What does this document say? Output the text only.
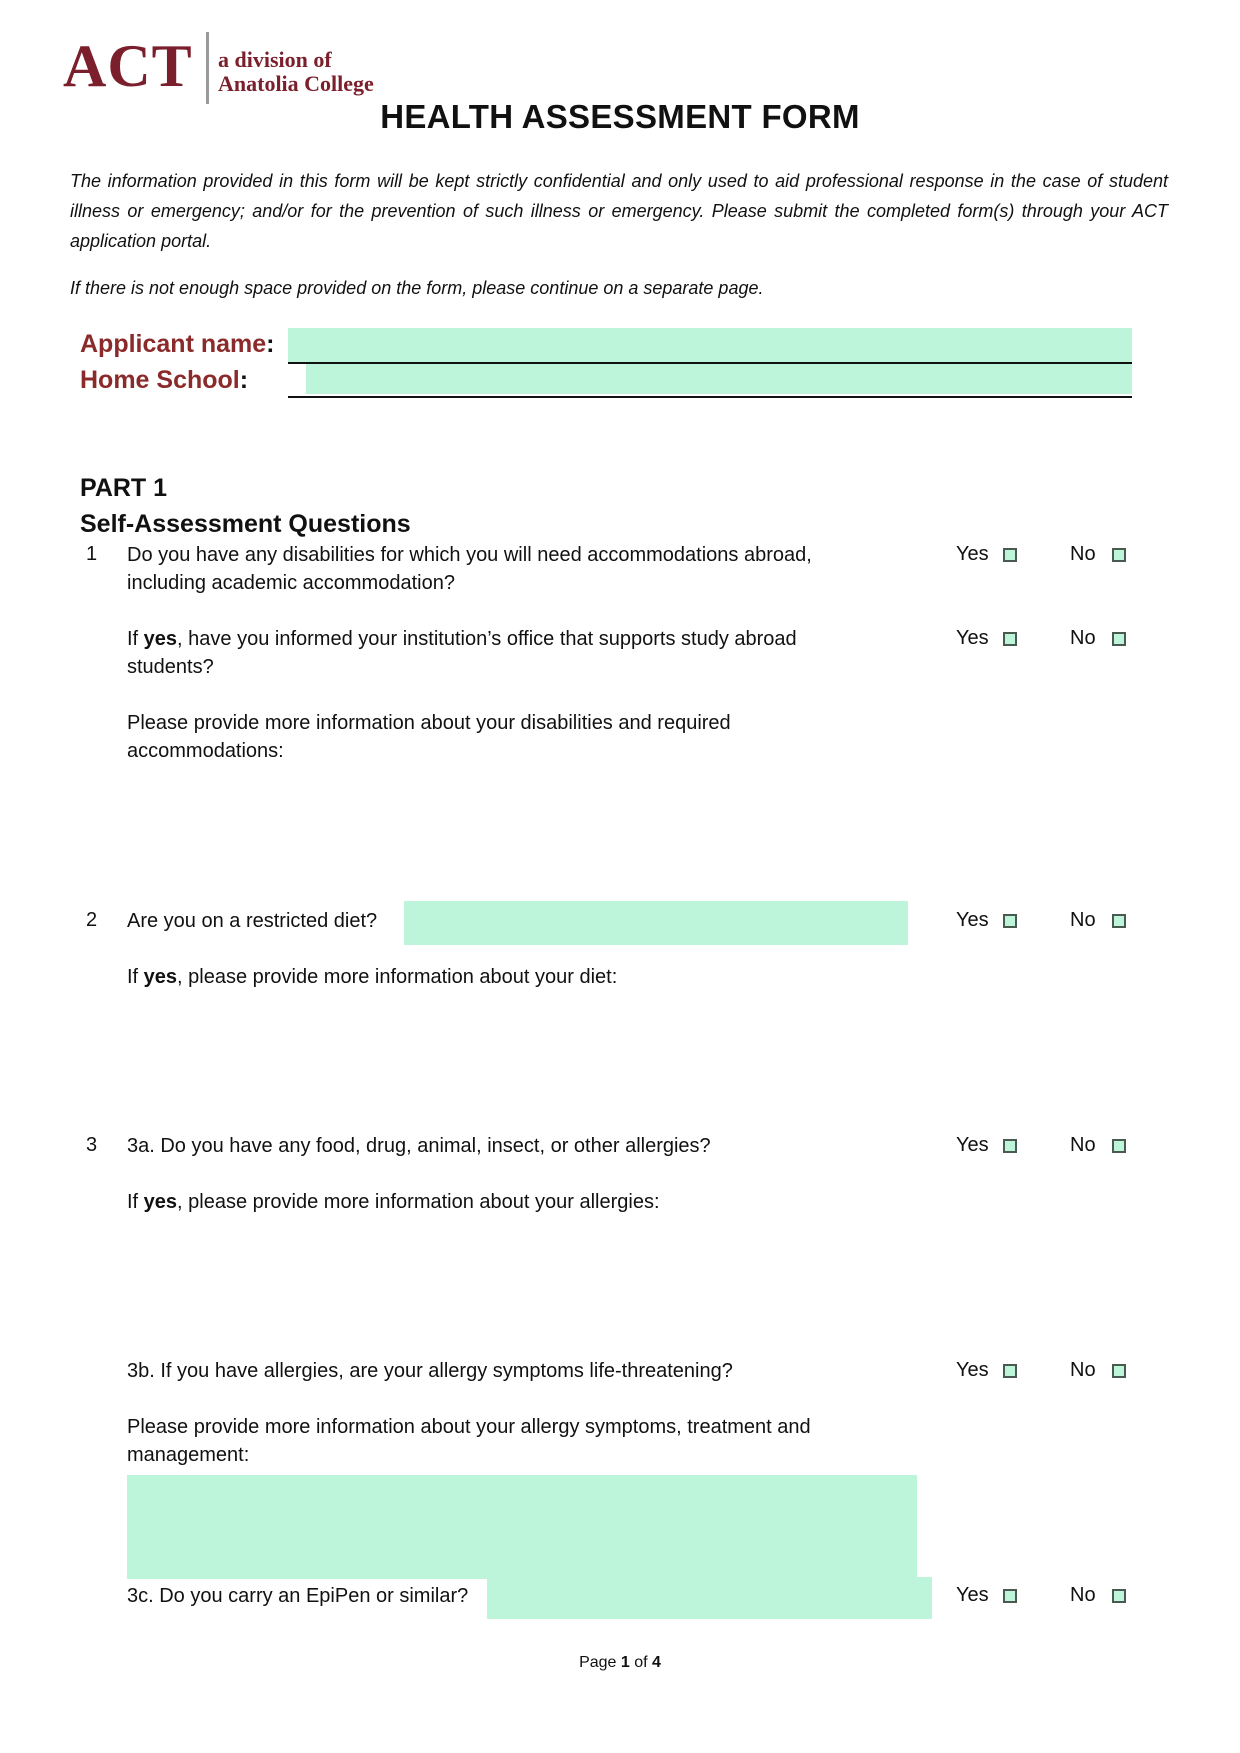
ACT a division of
Anatolia College
HEALTH ASSESSMENT FORM
The information provided in this form will be kept strictly confidential and only used to aid professional response in the case of student illness or emergency; and/or for the prevention of such illness or emergency. Please submit the completed form(s) through your ACT application portal.
If there is not enough space provided on the form, please continue on a separate page.
Applicant name:
Home School:
PART 1
Self-Assessment Questions
1 Do you have any disabilities for which you will need accommodations abroad, including academic accommodation?
Yes	No
If yes, have you informed your institution’s office that supports study abroad students?
Yes	No
Please provide more information about your disabilities and required accommodations:
2 Are you on a restricted diet?	Yes	No
If yes, please provide more information about your diet:
3 3a. Do you have any food, drug, animal, insect, or other allergies?	Yes	No
If yes, please provide more information about your allergies:
3b. If you have allergies, are your allergy symptoms life-threatening?	Yes	No
Please provide more information about your allergy symptoms, treatment and management:
3c. Do you carry an EpiPen or similar?	Yes	No
Page 1 of 4
